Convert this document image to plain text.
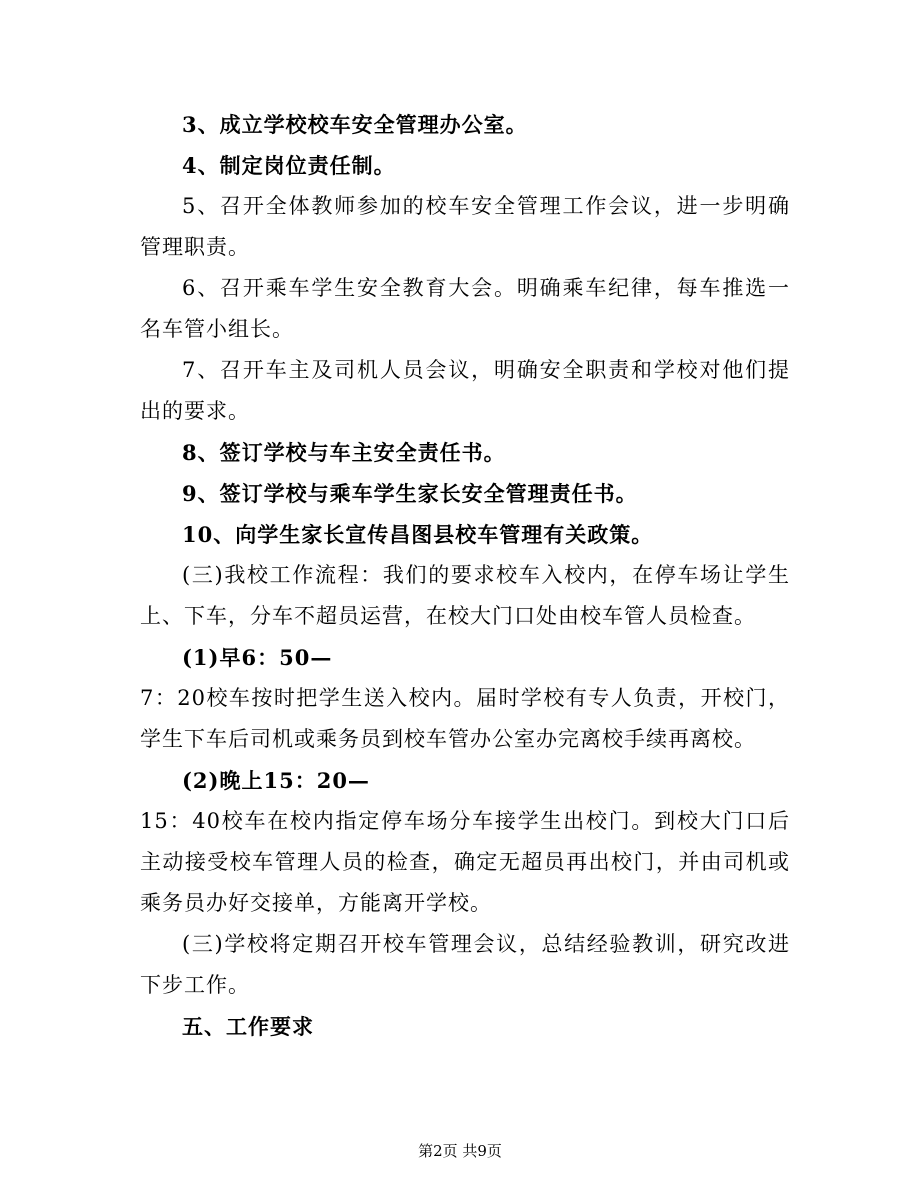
3、成立学校校车安全管理办公室。

4、制定岗位责任制。

5、召开全体教师参加的校车安全管理工作会议，进一步明确管理职责。

6、召开乘车学生安全教育大会。明确乘车纪律，每车推选一名车管小组长。

7、召开车主及司机人员会议，明确安全职责和学校对他们提出的要求。

8、签订学校与车主安全责任书。

9、签订学校与乘车学生家长安全管理责任书。

10、向学生家长宣传昌图县校车管理有关政策。

(三)我校工作流程：我们的要求校车入校内，在停车场让学生上、下车，分车不超员运营，在校大门口处由校车管人员检查。

(1)早6：50—

7：20校车按时把学生送入校内。届时学校有专人负责，开校门，学生下车后司机或乘务员到校车管办公室办完离校手续再离校。

(2)晚上15：20—

15：40校车在校内指定停车场分车接学生出校门。到校大门口后主动接受校车管理人员的检查，确定无超员再出校门，并由司机或乘务员办好交接单，方能离开学校。

(三)学校将定期召开校车管理会议，总结经验教训，研究改进下步工作。

五、工作要求

第2页 共9页
